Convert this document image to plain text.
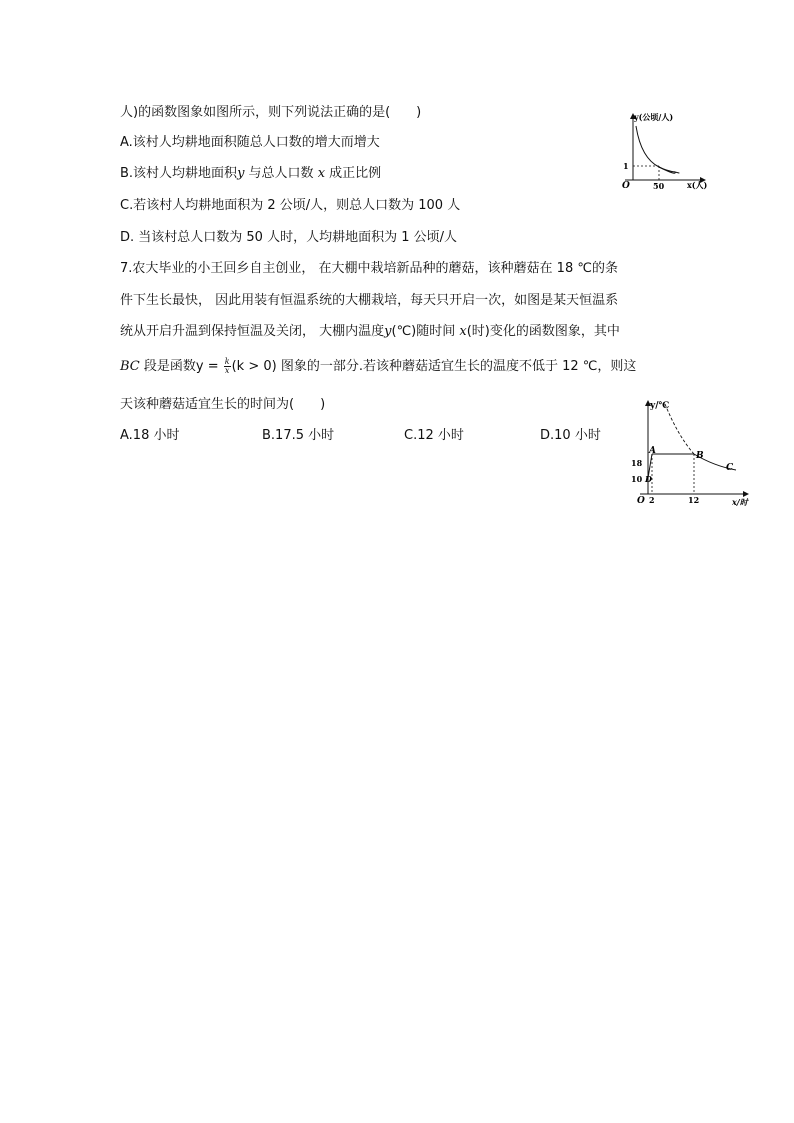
人)的函数图象如图所示，则下列说法正确的是(　　)
A.该村人均耕地面积随总人口数的增大而增大
B.该村人均耕地面积y 与总人口数 x 成正比例
C.若该村人均耕地面积为 2 公顷/人，则总人口数为 100 人
D. 当该村总人口数为 50 人时，人均耕地面积为 1 公顷/人
y(公顷/人)
x(人)
O
1
50
7.农大毕业的小王回乡自主创业， 在大棚中栽培新品种的蘑菇，该种蘑菇在 18 ℃的条
件下生长最快， 因此用装有恒温系统的大棚栽培，每天只开启一次，如图是某天恒温系
统从开启升温到保持恒温及关闭， 大棚内温度y(℃)随时间 x(时)变化的函数图象，其中
BC 段是函数$y = \frac{k}{x} (k > 0)$ 图象的一部分.若该种蘑菇适宜生长的温度不低于 12 ℃，则这
天该种蘑菇适宜生长的时间为(　　)
A.18 小时	B.17.5 小时	C.12 小时	D.10 小时
y/℃
x/时
O
18
10
2	12
A	B
C
D
